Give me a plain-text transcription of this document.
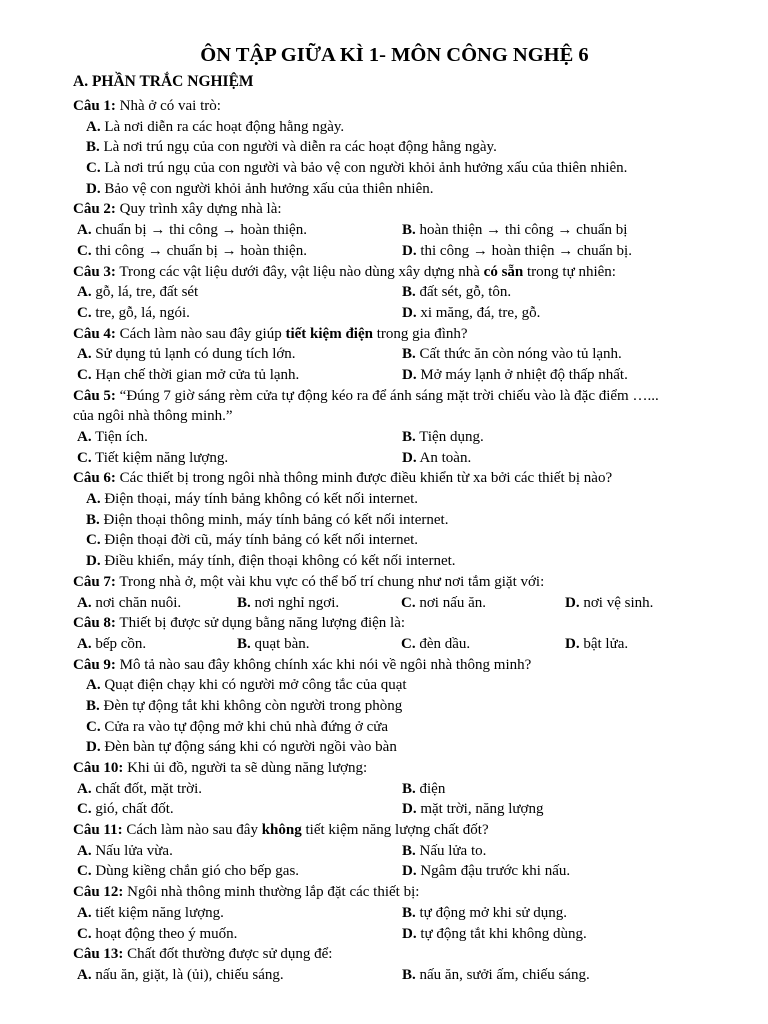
ÔN TẬP GIỮA KÌ 1- MÔN CÔNG NGHỆ 6
A. PHẦN TRẮC NGHIỆM
Câu 1: Nhà ở có vai trò:
A. Là nơi diễn ra các hoạt động hằng ngày.
B. Là nơi trú ngụ của con người và diễn ra các hoạt động hằng ngày.
C. Là nơi trú ngụ của con người và bảo vệ con người khỏi ảnh hưởng xấu của thiên nhiên.
D. Bảo vệ con người khỏi ảnh hưởng xấu của thiên nhiên.
Câu 2: Quy trình xây dựng nhà là:
A. chuẩn bị → thi công → hoàn thiện.	B. hoàn thiện → thi công → chuẩn bị
C. thi công → chuẩn bị → hoàn thiện.	D. thi công → hoàn thiện → chuẩn bị.
Câu 3: Trong các vật liệu dưới đây, vật liệu nào dùng xây dựng nhà có sẵn trong tự nhiên:
A. gỗ, lá, tre, đất sét	B. đất sét, gỗ, tôn.
C. tre, gỗ, lá, ngói.	D. xi măng, đá, tre, gỗ.
Câu 4: Cách làm nào sau đây giúp tiết kiệm điện trong gia đình?
A. Sử dụng tủ lạnh có dung tích lớn.	B. Cất thức ăn còn nóng vào tủ lạnh.
C. Hạn chế thời gian mở cửa tủ lạnh.	D. Mở máy lạnh ở nhiệt độ thấp nhất.
Câu 5: “Đúng 7 giờ sáng rèm cửa tự động kéo ra để ánh sáng mặt trời chiếu vào là đặc điểm …...
của ngôi nhà thông minh.”
A. Tiện ích.	B. Tiện dụng.
C. Tiết kiệm năng lượng.	D. An toàn.
Câu 6: Các thiết bị trong ngôi nhà thông minh được điều khiển từ xa bởi các thiết bị nào?
A. Điện thoại, máy tính bảng không có kết nối internet.
B. Điện thoại thông minh, máy tính bảng có kết nối internet.
C. Điện thoại đời cũ, máy tính bảng có kết nối internet.
D. Điều khiển, máy tính, điện thoại không có kết nối internet.
Câu 7: Trong nhà ở, một vài khu vực có thể bố trí chung như nơi tắm giặt với:
A. nơi chăn nuôi.	B. nơi nghỉ ngơi.	C. nơi nấu ăn.	D. nơi vệ sinh.
Câu 8: Thiết bị được sử dụng bằng năng lượng điện là:
A. bếp cồn.	B. quạt bàn.	C. đèn dầu.	D. bật lửa.
Câu 9: Mô tả nào sau đây không chính xác khi nói về ngôi nhà thông minh?
A. Quạt điện chạy khi có người mở công tắc của quạt
B. Đèn tự động tắt khi không còn người trong phòng
C. Cửa ra vào tự động mở khi chủ nhà đứng ở cửa
D. Đèn bàn tự động sáng khi có người ngồi vào bàn
Câu 10: Khi ủi đồ, người ta sẽ dùng năng lượng:
A. chất đốt, mặt trời.	B. điện
C. gió, chất đốt.	D. mặt trời, năng lượng
Câu 11: Cách làm nào sau đây không tiết kiệm năng lượng chất đốt?
A. Nấu lửa vừa.	B. Nấu lửa to.
C. Dùng kiềng chắn gió cho bếp gas.	D. Ngâm đậu trước khi nấu.
Câu 12: Ngôi nhà thông minh thường lắp đặt các thiết bị:
A. tiết kiệm năng lượng.	B. tự động mở khi sử dụng.
C. hoạt động theo ý muốn.	D. tự động tắt khi không dùng.
Câu 13: Chất đốt thường được sử dụng để:
A. nấu ăn, giặt, là (ủi), chiếu sáng.	B. nấu ăn, sưởi ấm, chiếu sáng.
